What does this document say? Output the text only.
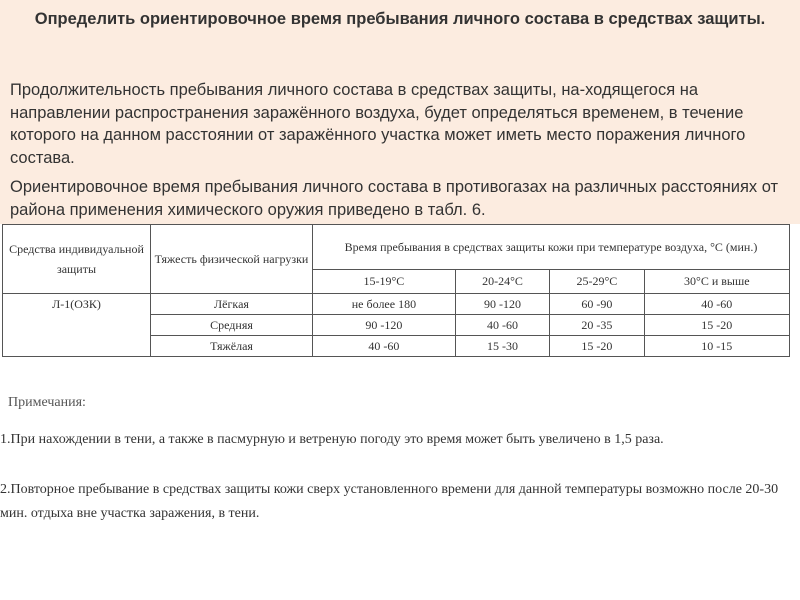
Определить ориентировочное время пребывания личного состава в средствах защиты.

Продолжительность пребывания личного состава в средствах защиты, на-ходящегося на направлении распространения заражённого воздуха, будет определяться временем, в течение которого на данном расстоянии от заражённого участка может иметь место поражения личного состава.

Ориентировочное время пребывания личного состава в противогазах на различных расстояниях от района применения химического оружия приведено в табл. 6.

Средства индивидуальной защиты	Тяжесть физической нагрузки	Время пребывания в средствах защиты кожи при температуре воздуха, °С (мин.)			

		15-19°С	20-24°С	25-29°С	30°С и выше
Л-1(ОЗК)	Лёгкая	не более 180	90 -120	60 -90	40 -60
	Средняя	90 -120	40 -60	20 -35	15 -20
	Тяжёлая	40 -60	15 -30	15 -20	10 -15
Примечания:

1.При нахождении в тени, а также в пасмурную и ветреную погоду это время может быть увеличено в 1,5 раза.

2.Повторное пребывание в средствах защиты кожи сверх установленного времени для данной температуры возможно после 20-30 мин. отдыха вне участка заражения, в тени.
